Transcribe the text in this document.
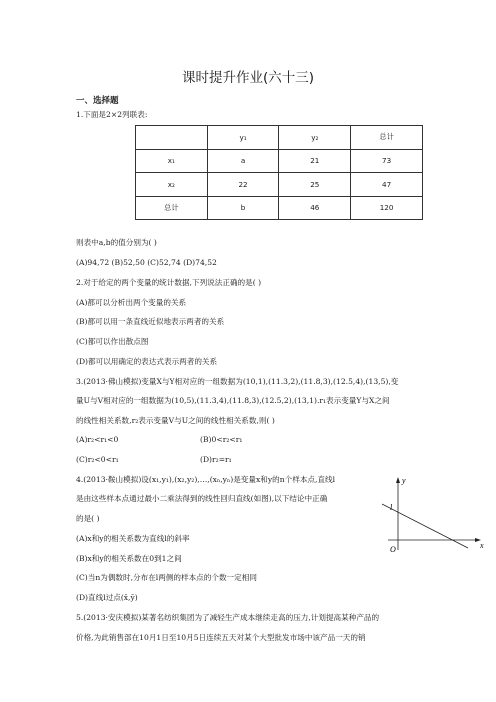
课时提升作业(六十三)
一、选择题
1.下面是2×2列联表:
	y₁	y₂	总计
x₁	a	21	73
x₂	22	25	47
总计	b	46	120
则表中a,b的值分别为( )
(A)94,72 (B)52,50 (C)52,74 (D)74,52
2.对于给定的两个变量的统计数据,下列说法正确的是( )
(A)都可以分析出两个变量的关系
(B)都可以用一条直线近似地表示两者的关系
(C)都可以作出散点图
(D)都可以用确定的表达式表示两者的关系
3.(2013·佛山模拟)变量X与Y相对应的一组数据为(10,1),(11.3,2),(11.8,3),(12.5,4),(13,5),变
量U与V相对应的一组数据为(10,5),(11.3,4),(11.8,3),(12.5,2),(13,1).r₁表示变量Y与X之间
的线性相关系数,r₂表示变量V与U之间的线性相关系数,则( )
(A)r₂<r₁<0	(B)0<r₂<r₁
(C)r₂<0<r₁	(D)r₂=r₁
4.(2013·鞍山模拟)设(x₁,y₁),(x₂,y₂),…,(xₙ,yₙ)是变量x和y的n个样本点,直线l
是由这些样本点通过最小二乘法得到的线性回归直线(如图),以下结论中正确
的是( )
(A)x和y的相关系数为直线l的斜率
(B)x和y的相关系数在0到1之间
(C)当n为偶数时,分布在l两侧的样本点的个数一定相同
(D)直线l过点(x̄,ȳ)
y
x
O
l
5.(2013·安庆模拟)某著名纺织集团为了减轻生产成本继续走高的压力,计划提高某种产品的
价格,为此销售部在10月1日至10月5日连续五天对某个大型批发市场中该产品一天的销
